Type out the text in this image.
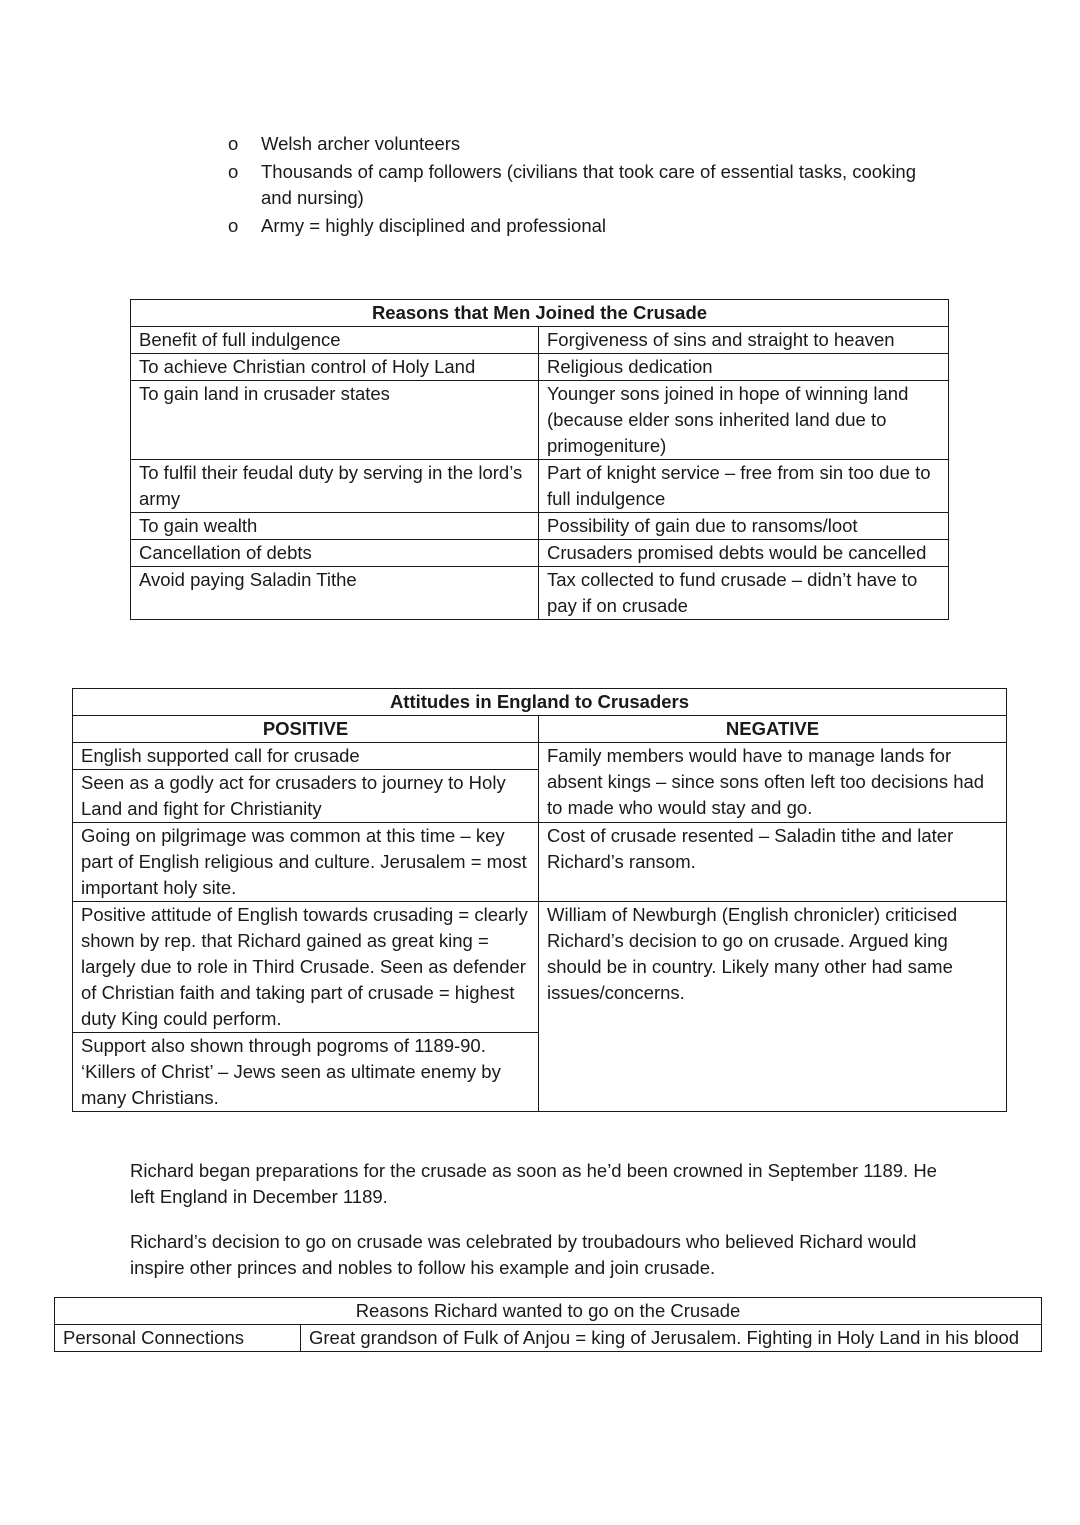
o	Welsh archer volunteers
o	Thousands of camp followers (civilians that took care of essential tasks, cooking and nursing)
o	Army = highly disciplined and professional
Reasons that Men Joined the Crusade	
Benefit of full indulgence	Forgiveness of sins and straight to heaven
To achieve Christian control of Holy Land	Religious dedication
To gain land in crusader states	Younger sons joined in hope of winning land (because elder sons inherited land due to primogeniture)
To fulfil their feudal duty by serving in the lord’s army	Part of knight service – free from sin too due to full indulgence
To gain wealth	Possibility of gain due to ransoms/loot
Cancellation of debts	Crusaders promised debts would be cancelled
Avoid paying Saladin Tithe	Tax collected to fund crusade – didn’t have to pay if on crusade
Attitudes in England to Crusaders	
POSITIVE	NEGATIVE
English supported call for crusade	Family members would have to manage lands for absent kings – since sons often left too decisions had to made who would stay and go.
Seen as a godly act for crusaders to journey to Holy Land and fight for Christianity	
Going on pilgrimage was common at this time – key part of English religious and culture. Jerusalem = most important holy site.	Cost of crusade resented – Saladin tithe and later Richard’s ransom.
Positive attitude of English towards crusading = clearly shown by rep. that Richard gained as great king = largely due to role in Third Crusade. Seen as defender of Christian faith and taking part of crusade = highest duty King could perform.	William of Newburgh (English chronicler) criticised Richard’s decision to go on crusade. Argued king should be in country. Likely many other had same issues/concerns.
Support also shown through pogroms of 1189-90. ‘Killers of Christ’ – Jews seen as ultimate enemy by many Christians.	

Richard began preparations for the crusade as soon as he’d been crowned in September 1189. He left England in December 1189.

Richard’s decision to go on crusade was celebrated by troubadours who believed Richard would inspire other princes and nobles to follow his example and join crusade.

Reasons Richard wanted to go on the Crusade
Personal Connections	Great grandson of Fulk of Anjou = king of Jerusalem. Fighting in Holy Land in his blood
